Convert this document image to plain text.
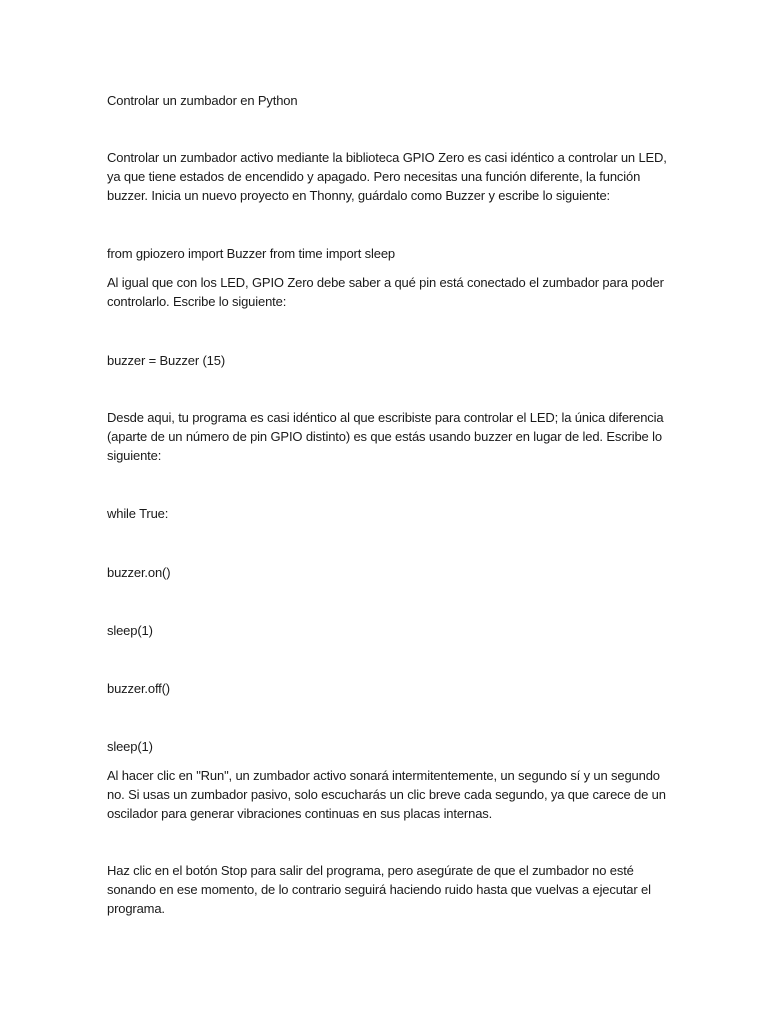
Controlar un zumbador en Python

Controlar un zumbador activo mediante la biblioteca GPIO Zero es casi idéntico a controlar un LED,
ya que tiene estados de encendido y apagado. Pero necesitas una función diferente, la función
buzzer. Inicia un nuevo proyecto en Thonny, guárdalo como Buzzer y escribe lo siguiente:

from gpiozero import Buzzer from time import sleep

Al igual que con los LED, GPIO Zero debe saber a qué pin está conectado el zumbador para poder
controlarlo. Escribe lo siguiente:

buzzer = Buzzer (15)

Desde aqui, tu programa es casi idéntico al que escribiste para controlar el LED; la única diferencia
(aparte de un número de pin GPIO distinto) es que estás usando buzzer en lugar de led. Escribe lo
siguiente:

while True:

buzzer.on()

sleep(1)

buzzer.off()

sleep(1)

Al hacer clic en "Run", un zumbador activo sonará intermitentemente, un segundo sí y un segundo
no. Si usas un zumbador pasivo, solo escucharás un clic breve cada segundo, ya que carece de un
oscilador para generar vibraciones continuas en sus placas internas.

Haz clic en el botón Stop para salir del programa, pero asegúrate de que el zumbador no esté
sonando en ese momento, de lo contrario seguirá haciendo ruido hasta que vuelvas a ejecutar el
programa.
